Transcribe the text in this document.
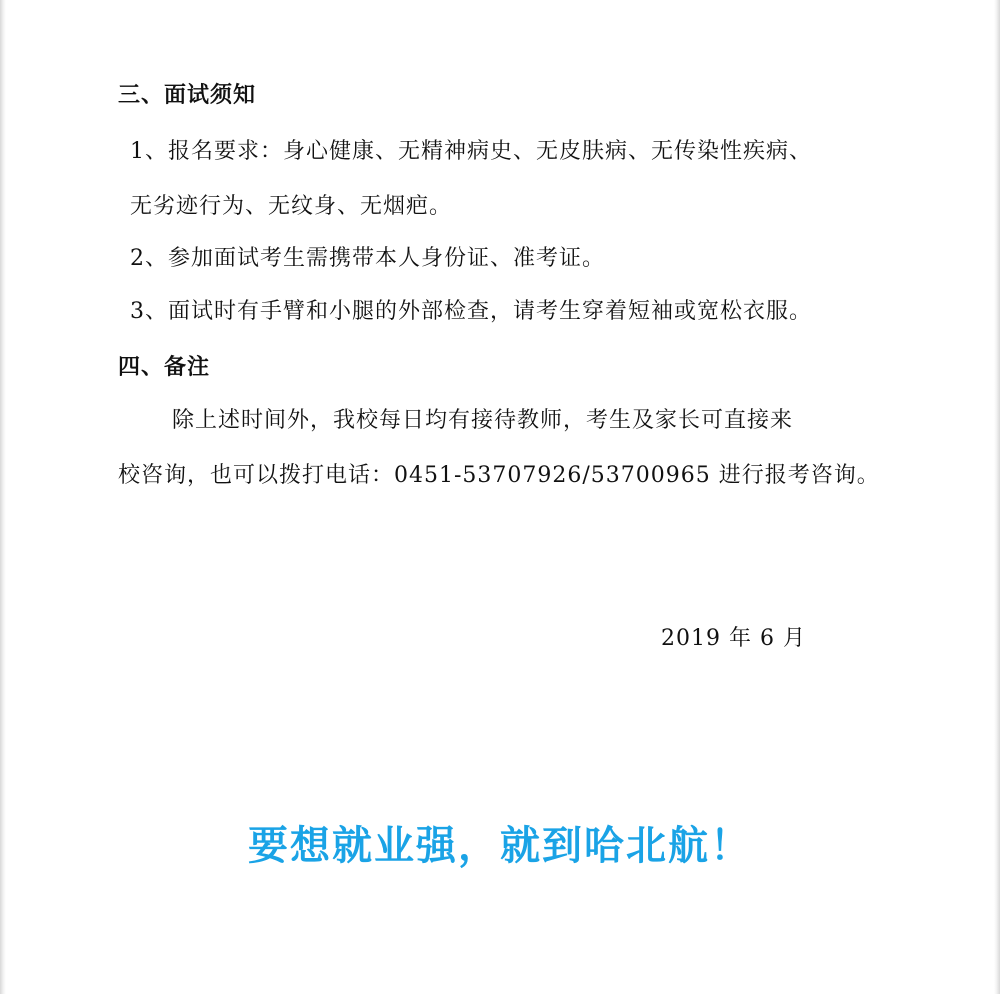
三、面试须知
1、报名要求：身心健康、无精神病史、无皮肤病、无传染性疾病、
无劣迹行为、无纹身、无烟疤。
2、参加面试考生需携带本人身份证、准考证。
3、面试时有手臂和小腿的外部检查，请考生穿着短袖或宽松衣服。
四、备注
除上述时间外，我校每日均有接待教师，考生及家长可直接来
校咨询，也可以拨打电话：0451-53707926/53700965 进行报考咨询。
2019 年 6 月
要想就业强，就到哈北航！
